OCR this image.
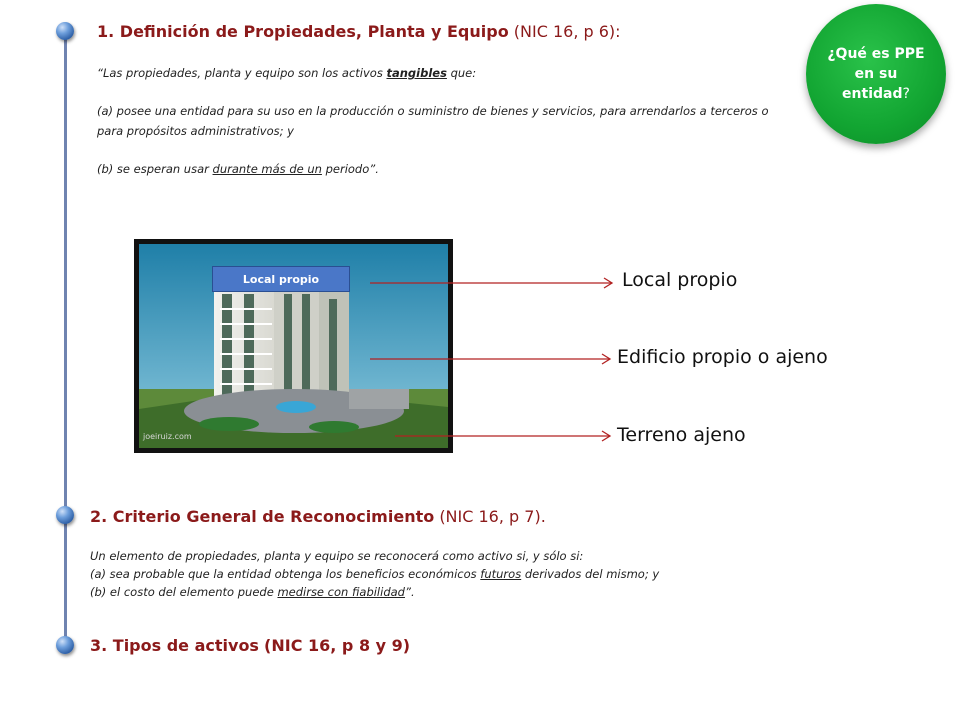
1. Definición de Propiedades, Planta y Equipo (NIC 16, p 6):
“Las propiedades, planta y equipo son los activos tangibles que:
(a) posee una entidad para su uso en la producción o suministro de bienes y servicios, para arrendarlos a terceros o para propósitos administrativos; y
(b) se esperan usar durante más de un periodo”.
¿Qué es PPE en su entidad?
Local propio
joeiruiz.com
Local propio
Edificio propio o ajeno
Terreno ajeno
2. Criterio General de Reconocimiento (NIC 16, p 7).
Un elemento de propiedades, planta y equipo se reconocerá como activo si, y sólo si:
(a) sea probable que la entidad obtenga los beneficios económicos futuros derivados del mismo; y
(b) el costo del elemento puede medirse con fiabilidad”.
3. Tipos de activos (NIC 16, p 8 y 9)
